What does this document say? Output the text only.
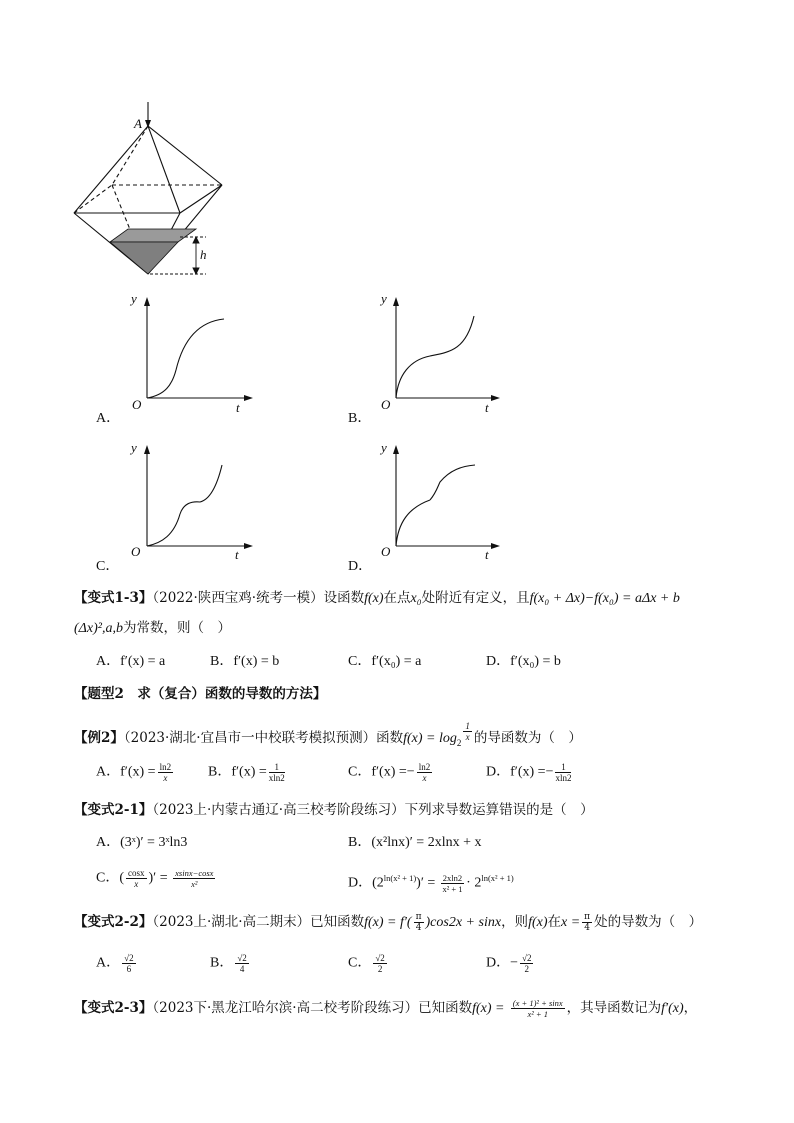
A
h
y
O	t
A．
y
O	t
B．
y
O	t
C．
y
O	t
D．
【变式1-3】（2022·陕西宝鸡·统考一模）设函数f(x)在点x₀处附近有定义，且f(x₀ + Δx)−f(x₀) = aΔx + b
(Δx)²,a,b为常数，则（　）
A．f′(x) = a	B．f′(x) = b	C．f′(x₀) = a	D．f′(x₀) = b
【题型2　求（复合）函数的导数的方法】
【例2】（2023·湖北·宜昌市一中校联考模拟预测）函数$f(x) = \log_2$
$\frac{1}{x}$ 的导函数为（　）
A．$f'(x) = \frac{\ln 2}{x}$ B．$f'(x) = \frac{1}{xln2}$	C．$f'(x) =- \frac{\ln 2}{x}$	D．$f'(x) =- \frac{1}{xln2}$
【变式2-1】（2023上·内蒙古通辽·高三校考阶段练习）下列求导数运算错误的是（　）
A．(3ˣ)′ = 3ˣln3	B．(x²lnx)′ = 2xlnx + x
C．( $\frac{\cos x}{x}$ )′ = $\frac{xsinx-\cos x}{\text{x²}}$	D．$(2^{ln(x^2 + 1)})' = \frac{2xln2}{\text{x² + 1}} \cdot 2^{ln(x^2 + 1)}$
【变式2-2】（2023上·湖北·高二期末）已知函数$f(x) = f'( \frac{\pi}{4} )\cos 2x + \sin x$，则f(x)在$x = \frac{\pi}{4}$ 处的导数为（　）
A． $\frac{√2}{6}$	B． $\frac{√2}{4}$	C． $\frac{√2}{2}$	D．− $\frac{√2}{2}$
【变式2-3】（2023下·黑龙江哈尔滨·高二校考阶段练习）已知函数$f(x) = \frac{\text{(x + 1)² + sinx}}{\text{x² + 1}}$ ，其导函数记为f′(x)，
